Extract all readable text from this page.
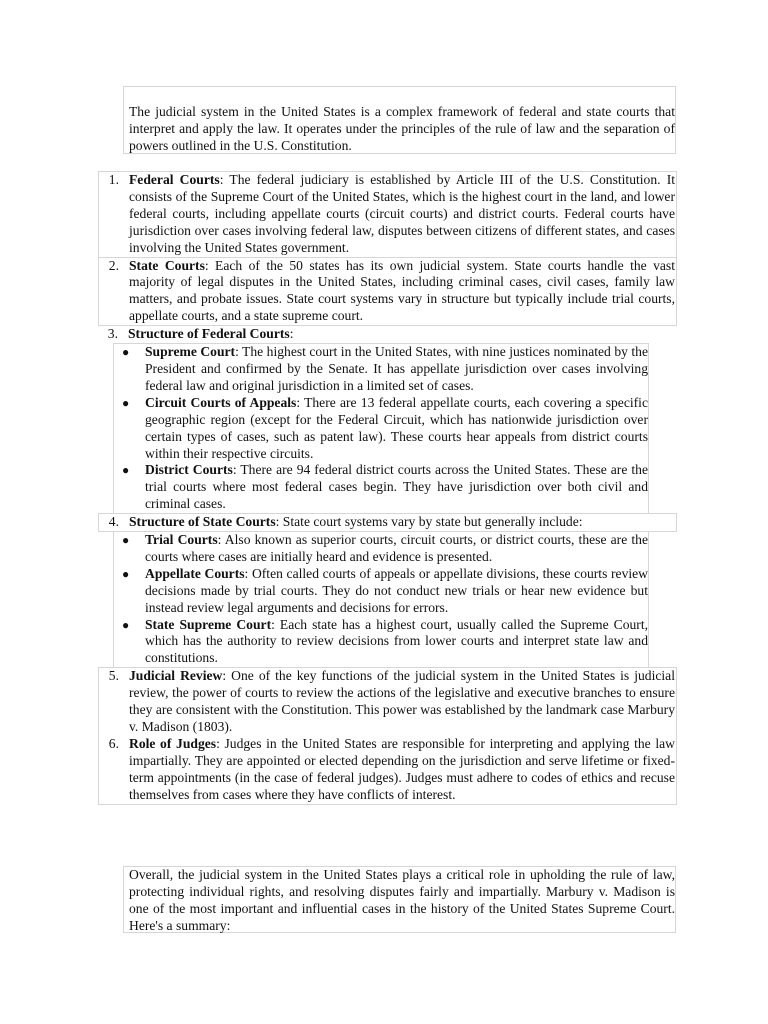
The judicial system in the United States is a complex framework of federal and state courts that interpret and apply the law. It operates under the principles of the rule of law and the separation of powers outlined in the U.S. Constitution.

1. Federal Courts: The federal judiciary is established by Article III of the U.S. Constitution. It consists of the Supreme Court of the United States, which is the highest court in the land, and lower federal courts, including appellate courts (circuit courts) and district courts. Federal courts have jurisdiction over cases involving federal law, disputes between citizens of different states, and cases involving the United States government.

2. State Courts: Each of the 50 states has its own judicial system. State courts handle the vast majority of legal disputes in the United States, including criminal cases, civil cases, family law matters, and probate issues. State court systems vary in structure but typically include trial courts, appellate courts, and a state supreme court.

3. Structure of Federal Courts:

● Supreme Court: The highest court in the United States, with nine justices nominated by the President and confirmed by the Senate. It has appellate jurisdiction over cases involving federal law and original jurisdiction in a limited set of cases.

● Circuit Courts of Appeals: There are 13 federal appellate courts, each covering a specific geographic region (except for the Federal Circuit, which has nationwide jurisdiction over certain types of cases, such as patent law). These courts hear appeals from district courts within their respective circuits.

● District Courts: There are 94 federal district courts across the United States. These are the trial courts where most federal cases begin. They have jurisdiction over both civil and criminal cases.

4. Structure of State Courts: State court systems vary by state but generally include:

● Trial Courts: Also known as superior courts, circuit courts, or district courts, these are the courts where cases are initially heard and evidence is presented.

● Appellate Courts: Often called courts of appeals or appellate divisions, these courts review decisions made by trial courts. They do not conduct new trials or hear new evidence but instead review legal arguments and decisions for errors.

● State Supreme Court: Each state has a highest court, usually called the Supreme Court, which has the authority to review decisions from lower courts and interpret state law and constitutions.

5. Judicial Review: One of the key functions of the judicial system in the United States is judicial review, the power of courts to review the actions of the legislative and executive branches to ensure they are consistent with the Constitution. This power was established by the landmark case Marbury v. Madison (1803).

6. Role of Judges: Judges in the United States are responsible for interpreting and applying the law impartially. They are appointed or elected depending on the jurisdiction and serve lifetime or fixed-term appointments (in the case of federal judges). Judges must adhere to codes of ethics and recuse themselves from cases where they have conflicts of interest.

Overall, the judicial system in the United States plays a critical role in upholding the rule of law, protecting individual rights, and resolving disputes fairly and impartially. Marbury v. Madison is one of the most important and influential cases in the history of the United States Supreme Court. Here's a summary:
